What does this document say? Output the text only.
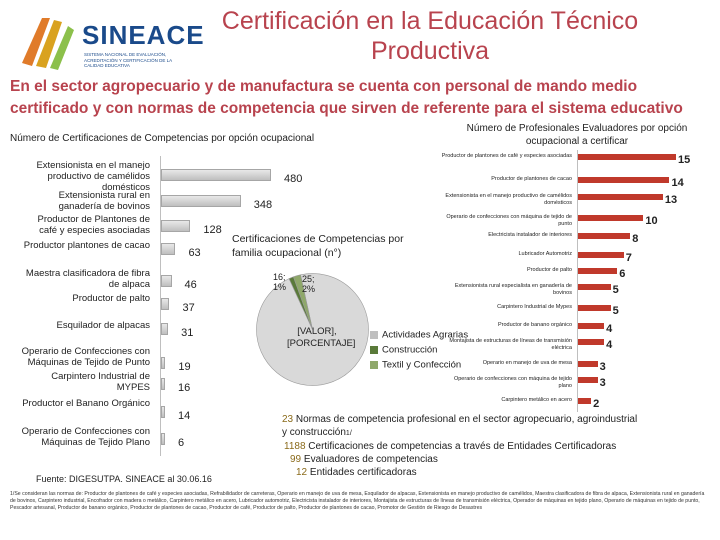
SINEACE
SISTEMA NACIONAL DE EVALUACIÓN, ACREDITACIÓN Y CERTIFICACIÓN DE LA CALIDAD EDUCATIVA
Certificación en la Educación Técnico
Productiva
En el sector agropecuario y de manufactura se cuenta con personal de mando medio
certificado y con normas de competencia que sirven de referente para el sistema educativo
Número de Certificaciones de Competencias por opción ocupacional
Extensionista en el manejo productivo de camélidos domésticos
480
Extensionista rural en ganadería de bovinos	348
Productor de Plantones de café y especies asociadas	128
Productor plantones de cacao
63
Maestra clasificadora de fibra de alpaca	46
Productor de palto
37
Esquilador de alpacas
31
Operario de Confecciones con Máquinas de Tejido de Punto	19
Carpintero Industrial de MYPES	16
Productor el Banano Orgánico
14
Operario de Confecciones con Máquinas de Tejido Plano	6
Certificaciones de Competencias por familia ocupacional (n°)
[VALOR], [PORCENTAJE]
16; 1%
25; 2%
Actividades Agrarias
Construcción
Textil y Confección
Número de Profesionales Evaluadores por opción ocupacional a certificar
Productor de plantones de café y especies asociadas	15
Productor de plantones de cacao	14
Extensionista en el manejo productivo de camélidos domésticos	13
Operario de confecciones con máquina de tejido de punto	10
Electricista instalador de interiores	8
Lubricador Automotriz	7
Productor de palto	6
Extensionista rural especialista en ganadería de bovinos	5
Carpintero Industrial de Mypes	5
Productor de banano orgánico	4
Montajista de estructuras de líneas de transmisión eléctrica	4
Operario en manejo de uva de mesa	3
Operario de confecciones con máquina de tejido plano	3
Carpintero metálico en acero 2
23 Normas de competencia profesional en el sector agropecuario, agroindustrial
y construcción1/
1188 Certificaciones de competencias a través de Entidades Certificadoras
99 Evaluadores de competencias
12 Entidades certificadoras
Fuente: DIGESUTPA. SINEACE al 30.06.16
1/Se consideran las normas de: Productor de plantones de café y especies asociadas, Refrabilidador de carreteras, Operario en manejo de uva de mesa, Esquilador de alpacas, Extensionista en manejo productivo de camélidos, Maestra clasificadora de fibra de alpaca, Extensionista rural en ganadería de bovinos, Carpintero industrial, Encofrador con madera o metálico, Carpintero metálico en acero, Lubricador automotriz, Electricista instalador de interiores, Montajista de estructuras de líneas de transmisión eléctrica, Operador de máquinas en tejido plano, Operario de máquinas en tejido de punto, Pescador artesanal, Productor de banano orgánico, Productor de plantones de cacao, Productor de café, Productor de palto, Productor de plantones de cacao, Promotor de Gestión de Riesgo de Desastres
